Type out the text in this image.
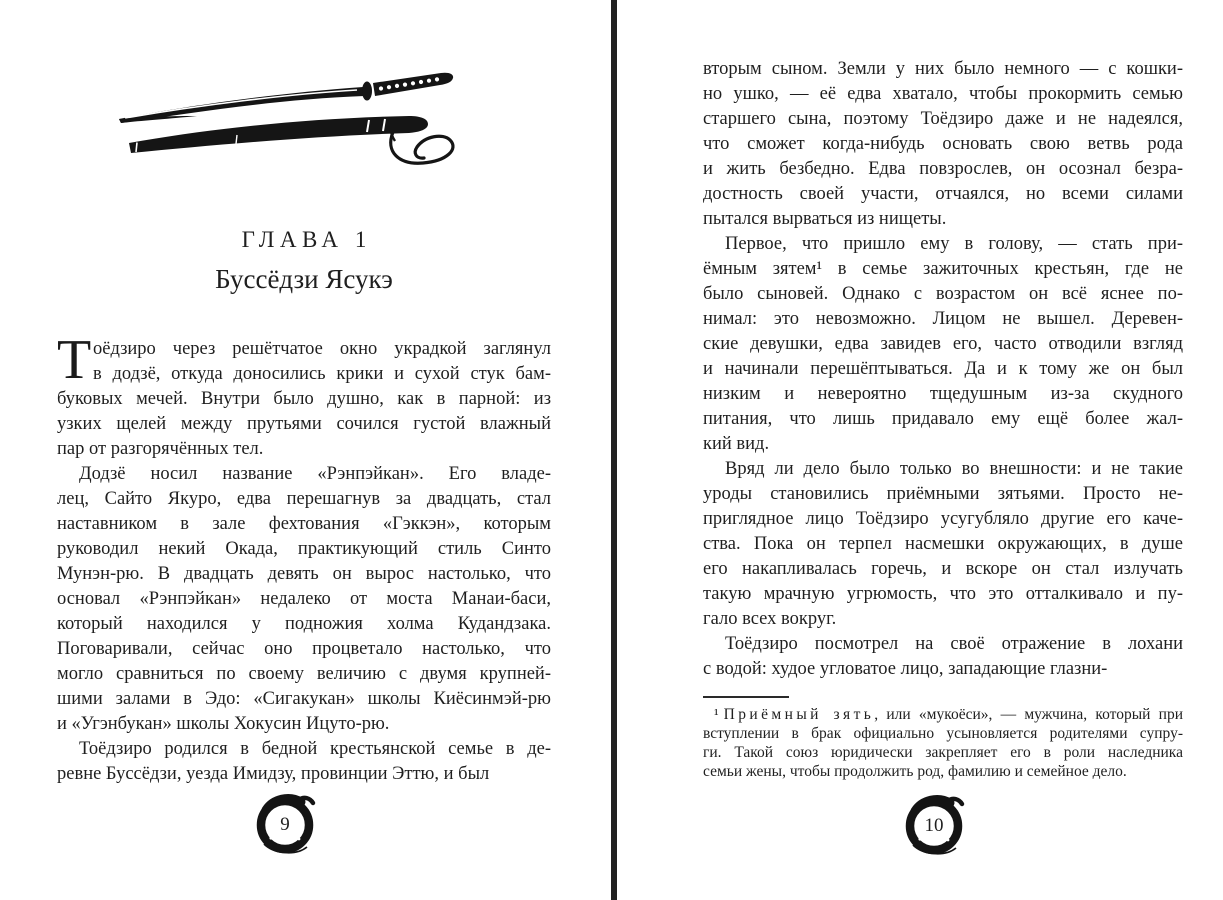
ГЛАВА 1
Буссёдзи Ясукэ
Т оёдзиро через решётчатое окно украдкой заглянул
в додзё, откуда доносились крики и сухой стук бам-
буковых мечей. Внутри было душно, как в парной: из
узких щелей между прутьями сочился густой влажный
пар от разгорячённых тел.
Додзё носил название «Рэнпэйкан». Его владе-
лец, Сайто Якуро, едва перешагнув за двадцать, стал
наставником в зале фехтования «Гэккэн», которым
руководил некий Окада, практикующий стиль Синто
Мунэн-рю. В двадцать девять он вырос настолько, что
основал «Рэнпэйкан» недалеко от моста Манаи-баси,
который находился у подножия холма Кудандзака.
Поговаривали, сейчас оно процветало настолько, что
могло сравниться по своему величию с двумя крупней-
шими залами в Эдо: «Сигакукан» школы Киёсинмэй-рю
и «Угэнбукан» школы Хокусин Ицуто-рю.
Тоёдзиро родился в бедной крестьянской семье в де-
ревне Буссёдзи, уезда Имидзу, провинции Эттю, и был
вторым сыном. Земли у них было немного — с кошки-
но ушко, — её едва хватало, чтобы прокормить семью
старшего сына, поэтому Тоёдзиро даже и не надеялся,
что сможет когда-нибудь основать свою ветвь рода
и жить безбедно. Едва повзрослев, он осознал безра-
достность своей участи, отчаялся, но всеми силами
пытался вырваться из нищеты.
Первое, что пришло ему в голову, — стать при-
ёмным зятем¹ в семье зажиточных крестьян, где не
было сыновей. Однако с возрастом он всё яснее по-
нимал: это невозможно. Лицом не вышел. Деревен-
ские девушки, едва завидев его, часто отводили взгляд
и начинали перешёптываться. Да и к тому же он был
низким и невероятно тщедушным из-за скудного
питания, что лишь придавало ему ещё более жал-
кий вид.
Вряд ли дело было только во внешности: и не такие
уроды становились приёмными зятьями. Просто не-
приглядное лицо Тоёдзиро усугубляло другие его каче-
ства. Пока он терпел насмешки окружающих, в душе
его накапливалась горечь, и вскоре он стал излучать
такую мрачную угрюмость, что это отталкивало и пу-
гало всех вокруг.
Тоёдзиро посмотрел на своё отражение в лохани
с водой: худое угловатое лицо, западающие глазни-
¹ Приёмный зять, или «мукоёси», — мужчина, который при
вступлении в брак официально усыновляется родителями супру-
ги. Такой союз юридически закрепляет его в роли наследника
семьи жены, чтобы продолжить род, фамилию и семейное дело.
9	10
